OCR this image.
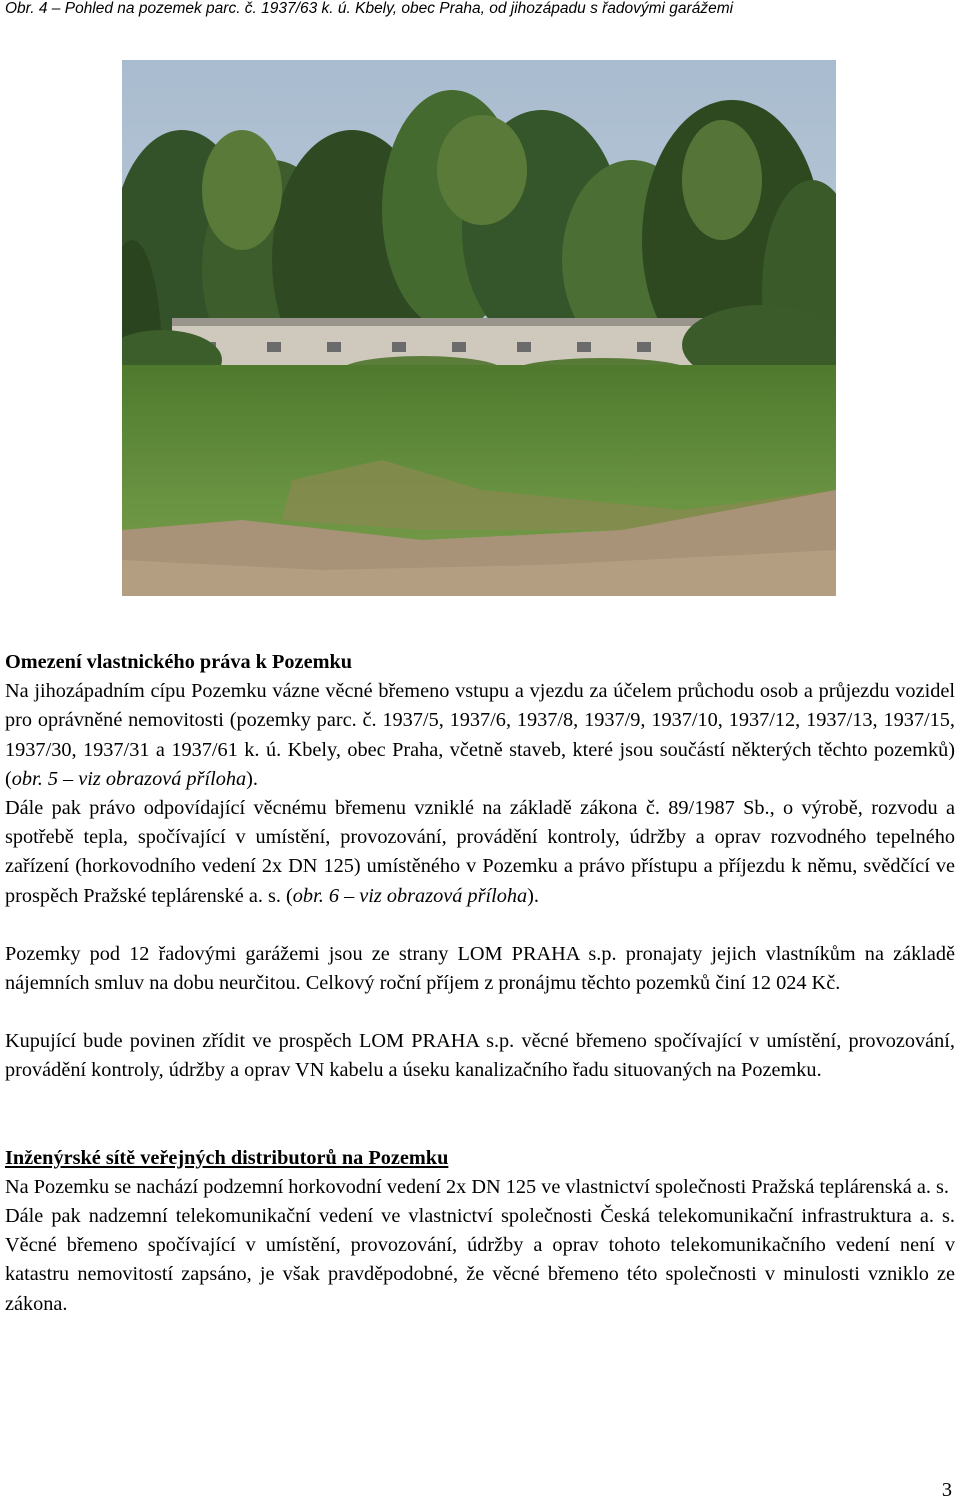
Obr. 4 – Pohled na pozemek parc. č. 1937/63 k. ú. Kbely, obec Praha, od jihozápadu s řadovými garážemi

Omezení vlastnického práva k Pozemku

Na jihozápadním cípu Pozemku vázne věcné břemeno vstupu a vjezdu za účelem průchodu osob a průjezdu vozidel pro oprávněné nemovitosti (pozemky parc. č. 1937/5, 1937/6, 1937/8, 1937/9, 1937/10, 1937/12, 1937/13, 1937/15, 1937/30, 1937/31 a 1937/61 k. ú. Kbely, obec Praha, včetně staveb, které jsou součástí některých těchto pozemků) (obr. 5 – viz obrazová příloha).

Dále pak právo odpovídající věcnému břemenu vzniklé na základě zákona č. 89/1987 Sb., o výrobě, rozvodu a spotřebě tepla, spočívající v umístění, provozování, provádění kontroly, údržby a oprav rozvodného tepelného zařízení (horkovodního vedení 2x DN 125) umístěného v Pozemku a právo přístupu a příjezdu k němu, svědčící ve prospěch Pražské teplárenské a. s. (obr. 6 – viz obrazová příloha).

Pozemky pod 12 řadovými garážemi jsou ze strany LOM PRAHA s.p. pronajaty jejich vlastníkům na základě nájemních smluv na dobu neurčitou. Celkový roční příjem z pronájmu těchto pozemků činí 12 024 Kč.

Kupující bude povinen zřídit ve prospěch LOM PRAHA s.p. věcné břemeno spočívající v umístění, provozování, provádění kontroly, údržby a oprav VN kabelu a úseku kanalizačního řadu situovaných na Pozemku.

Inženýrské sítě veřejných distributorů na Pozemku

Na Pozemku se nachází podzemní horkovodní vedení 2x DN 125 ve vlastnictví společnosti Pražská teplárenská a. s.

Dále pak nadzemní telekomunikační vedení ve vlastnictví společnosti Česká telekomunikační infrastruktura a. s. Věcné břemeno spočívající v umístění, provozování, údržby a oprav tohoto telekomunikačního vedení není v katastru nemovitostí zapsáno, je však pravděpodobné, že věcné břemeno této společnosti v minulosti vzniklo ze zákona.

3
